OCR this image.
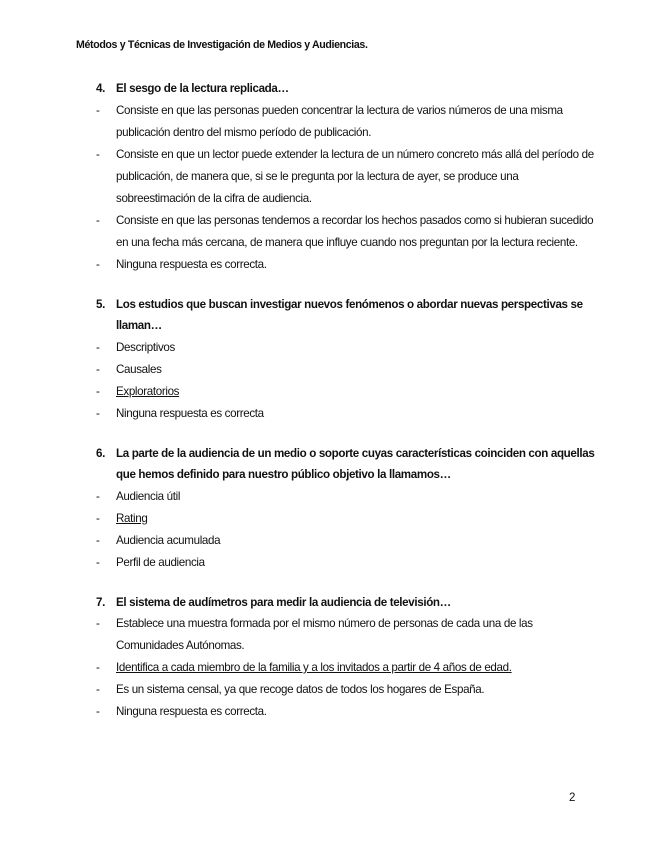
Métodos y Técnicas de Investigación de Medios y Audiencias.
4. El sesgo de la lectura replicada…
-	Consiste en que las personas pueden concentrar la lectura de varios números de una misma publicación dentro del mismo período de publicación.
-	Consiste en que un lector puede extender la lectura de un número concreto más allá del período de publicación, de manera que, si se le pregunta por la lectura de ayer, se produce una sobreestimación de la cifra de audiencia.
-	Consiste en que las personas tendemos a recordar los hechos pasados como si hubieran sucedido en una fecha más cercana, de manera que influye cuando nos preguntan por la lectura reciente.
-	Ninguna respuesta es correcta.
5. Los estudios que buscan investigar nuevos fenómenos o abordar nuevas perspectivas se llaman…
-	Descriptivos
-	Causales
-	Exploratorios
-	Ninguna respuesta es correcta
6. La parte de la audiencia de un medio o soporte cuyas características coinciden con aquellas que hemos definido para nuestro público objetivo la llamamos…
-	Audiencia útil
-	Rating
-	Audiencia acumulada
-	Perfil de audiencia
7. El sistema de audímetros para medir la audiencia de televisión…
-	Establece una muestra formada por el mismo número de personas de cada una de las Comunidades Autónomas.
-	Identifica a cada miembro de la familia y a los invitados a partir de 4 años de edad.
-	Es un sistema censal, ya que recoge datos de todos los hogares de España.
-	Ninguna respuesta es correcta.
2
